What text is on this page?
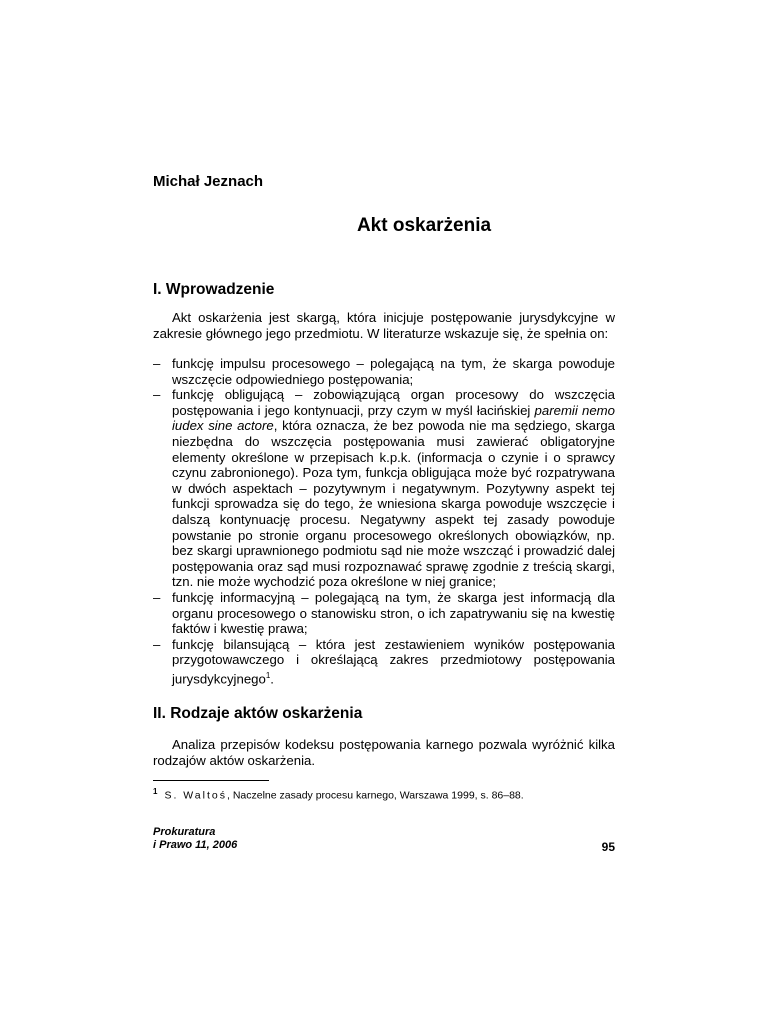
Michał Jeznach

Akt oskarżenia
I. Wprowadzenie

Akt oskarżenia jest skargą, która inicjuje postępowanie jurysdykcyjne w zakresie głównego jego przedmiotu. W literaturze wskazuje się, że spełnia on:

– funkcję impulsu procesowego – polegającą na tym, że skarga powoduje wszczęcie odpowiedniego postępowania;
– funkcję obligującą – zobowiązującą organ procesowy do wszczęcia postępowania i jego kontynuacji, przy czym w myśl łacińskiej paremii nemo iudex sine actore, która oznacza, że bez powoda nie ma sędziego, skarga niezbędna do wszczęcia postępowania musi zawierać obligatoryjne elementy określone w przepisach k.p.k. (informacja o czynie i o sprawcy czynu zabronionego). Poza tym, funkcja obligująca może być rozpatrywana w dwóch aspektach – pozytywnym i negatywnym. Pozytywny aspekt tej funkcji sprowadza się do tego, że wniesiona skarga powoduje wszczęcie i dalszą kontynuację procesu. Negatywny aspekt tej zasady powoduje powstanie po stronie organu procesowego określonych obowiązków, np. bez skargi uprawnionego podmiotu sąd nie może wszcząć i prowadzić dalej postępowania oraz sąd musi rozpoznawać sprawę zgodnie z treścią skargi, tzn. nie może wychodzić poza określone w niej granice;
– funkcję informacyjną – polegającą na tym, że skarga jest informacją dla organu procesowego o stanowisku stron, o ich zapatrywaniu się na kwestię faktów i kwestię prawa;
– funkcję bilansującą – która jest zestawieniem wyników postępowania przygotowawczego i określającą zakres przedmiotowy postępowania jurysdykcyjnego$^1$.
II. Rodzaje aktów oskarżenia

Analiza przepisów kodeksu postępowania karnego pozwala wyróżnić kilka rodzajów aktów oskarżenia.

$^1$ S. Waltoś, Naczelne zasady procesu karnego, Warszawa 1999, s. 86–88.

Prokuratura
i Prawo 11, 2006	95
